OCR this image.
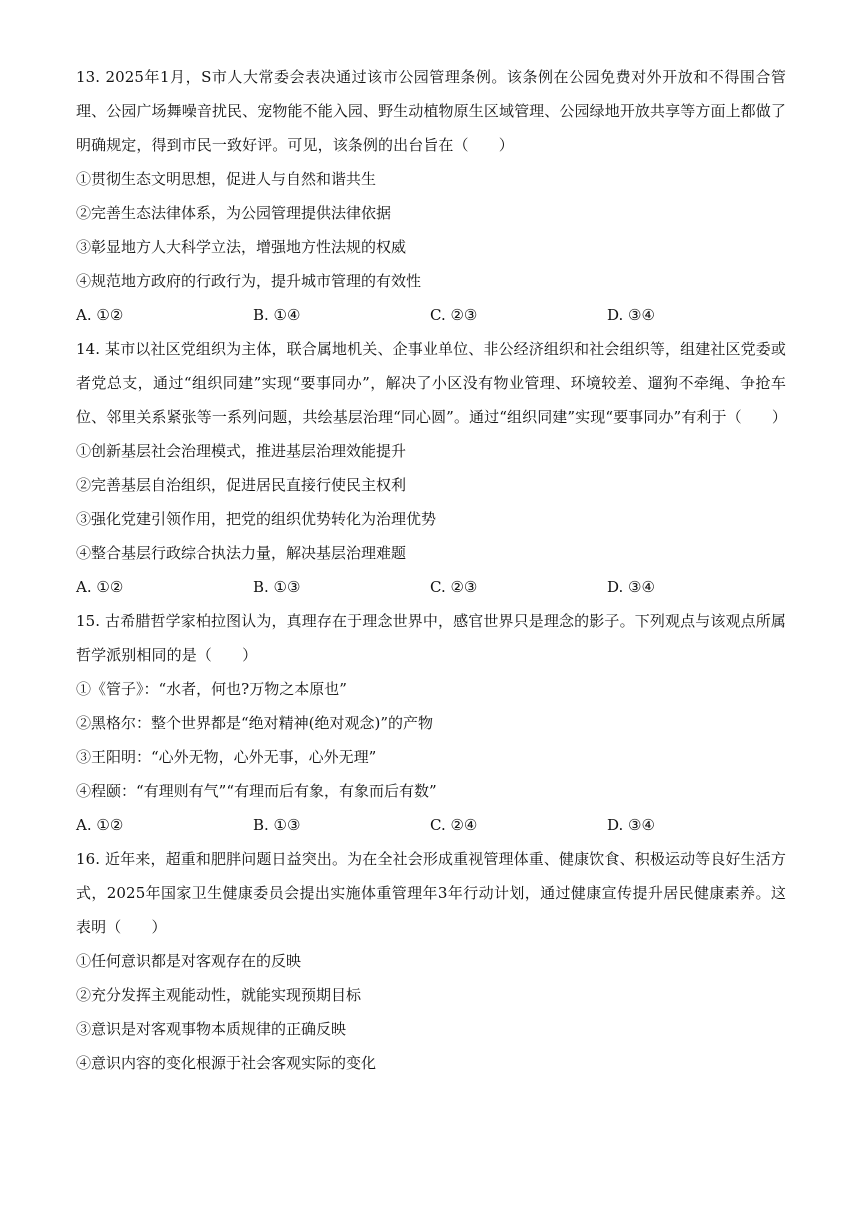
13. 2025年1月，S市人大常委会表决通过该市公园管理条例。该条例在公园免费对外开放和不得围合管理、公园广场舞噪音扰民、宠物能不能入园、野生动植物原生区域管理、公园绿地开放共享等方面上都做了明确规定，得到市民一致好评。可见，该条例的出台旨在（　　）

①贯彻生态文明思想，促进人与自然和谐共生

②完善生态法律体系，为公园管理提供法律依据

③彰显地方人大科学立法，增强地方性法规的权威

④规范地方政府的行政行为，提升城市管理的有效性

A. ①②	B. ①④	C. ②③	D. ③④

14. 某市以社区党组织为主体，联合属地机关、企事业单位、非公经济组织和社会组织等，组建社区党委或者党总支，通过“组织同建”实现“要事同办”，解决了小区没有物业管理、环境较差、遛狗不牵绳、争抢车位、邻里关系紧张等一系列问题，共绘基层治理“同心圆”。通过“组织同建”实现“要事同办”有利于（　　）

①创新基层社会治理模式，推进基层治理效能提升

②完善基层自治组织，促进居民直接行使民主权利

③强化党建引领作用，把党的组织优势转化为治理优势

④整合基层行政综合执法力量，解决基层治理难题

A. ①②	B. ①③	C. ②③	D. ③④

15. 古希腊哲学家柏拉图认为，真理存在于理念世界中，感官世界只是理念的影子。下列观点与该观点所属哲学派别相同的是（　　）

①《管子》：“水者，何也?万物之本原也”

②黑格尔：整个世界都是“绝对精神(绝对观念)”的产物

③王阳明：“心外无物，心外无事，心外无理”

④程颐：“有理则有气”“有理而后有象，有象而后有数”

A. ①②	B. ①③	C. ②④	D. ③④

16. 近年来，超重和肥胖问题日益突出。为在全社会形成重视管理体重、健康饮食、积极运动等良好生活方式，2025年国家卫生健康委员会提出实施体重管理年3年行动计划，通过健康宣传提升居民健康素养。这表明（　　）

①任何意识都是对客观存在的反映

②充分发挥主观能动性，就能实现预期目标

③意识是对客观事物本质规律的正确反映

④意识内容的变化根源于社会客观实际的变化
